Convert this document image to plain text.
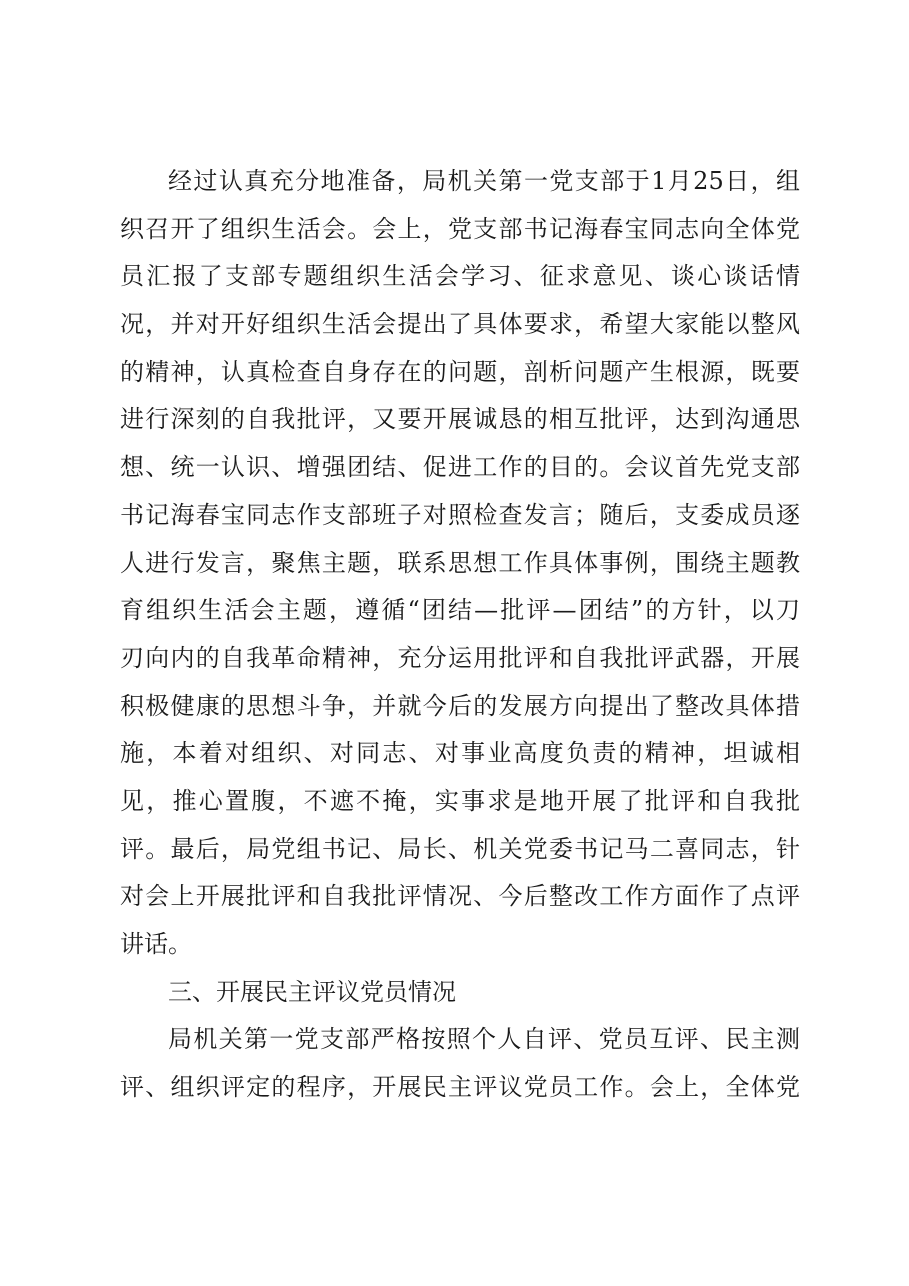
经过认真充分地准备，局机关第一党支部于1月25日，组
织召开了组织生活会。会上，党支部书记海春宝同志向全体党
员汇报了支部专题组织生活会学习、征求意见、谈心谈话情
况，并对开好组织生活会提出了具体要求，希望大家能以整风
的精神，认真检查自身存在的问题，剖析问题产生根源，既要
进行深刻的自我批评，又要开展诚恳的相互批评，达到沟通思
想、统一认识、增强团结、促进工作的目的。会议首先党支部
书记海春宝同志作支部班子对照检查发言；随后，支委成员逐
人进行发言，聚焦主题，联系思想工作具体事例，围绕主题教
育组织生活会主题，遵循“团结—批评—团结”的方针，以刀
刃向内的自我革命精神，充分运用批评和自我批评武器，开展
积极健康的思想斗争，并就今后的发展方向提出了整改具体措
施，本着对组织、对同志、对事业高度负责的精神，坦诚相
见，推心置腹，不遮不掩，实事求是地开展了批评和自我批
评。最后，局党组书记、局长、机关党委书记马二喜同志，针
对会上开展批评和自我批评情况、今后整改工作方面作了点评
讲话。
三、开展民主评议党员情况
局机关第一党支部严格按照个人自评、党员互评、民主测
评、组织评定的程序，开展民主评议党员工作。会上，全体党
